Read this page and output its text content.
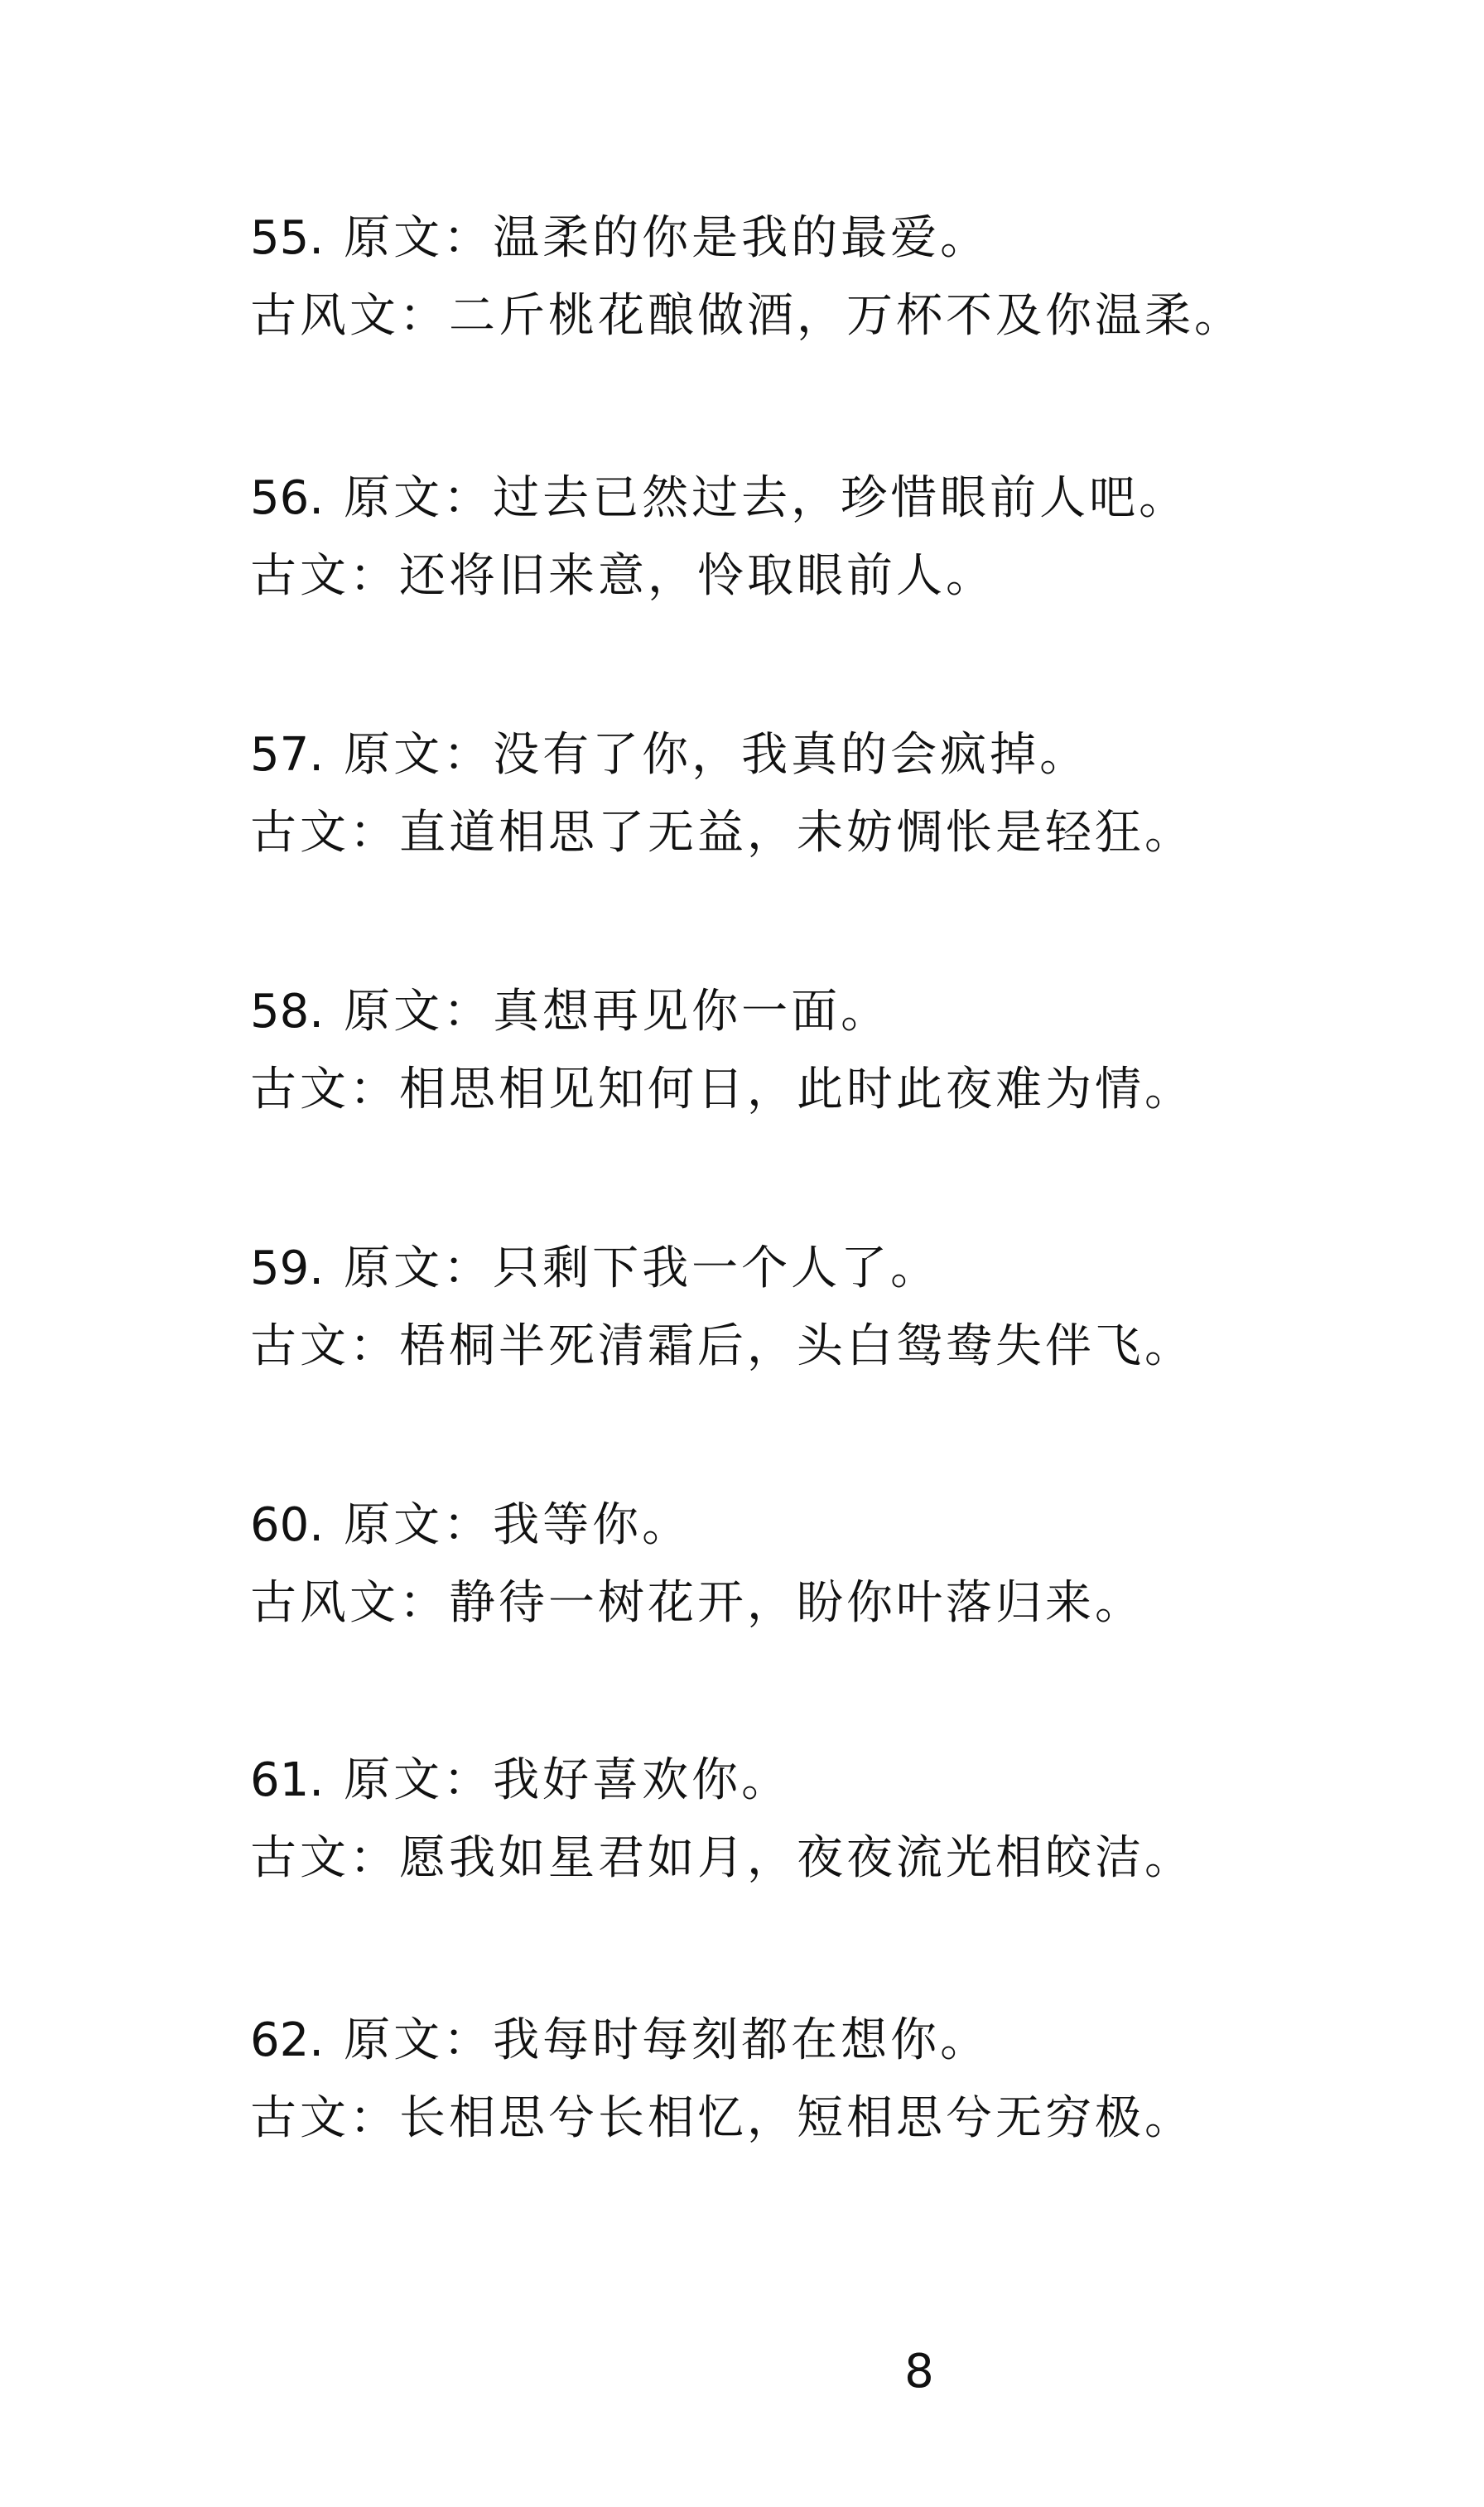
55. 原文：温柔的你是我的最爱。
古风文：二斤桃花酿做酒，万杯不及你温柔。
56. 原文：过去已然过去，珍惜眼前人吧。
古文：还将旧来意，怜取眼前人。
57. 原文：没有了你，我真的会疯掉。
古文：直道相思了无益，未妨惆怅是轻狂。
58. 原文：真想再见你一面。
古文：相思相见知何日，此时此夜难为情。
59. 原文：只剩下我一个人了。
古文：梧桐半死清霜后，头白鸳鸯失伴飞。
60. 原文：我等你。
古风文：静待一树花开，盼你叶落归来。
61. 原文：我好喜欢你。
古文：愿我如星君如月，夜夜流光相皎洁。
62. 原文：我每时每刻都在想你。
古文：长相思兮长相忆，短相思兮无穷极。
8
